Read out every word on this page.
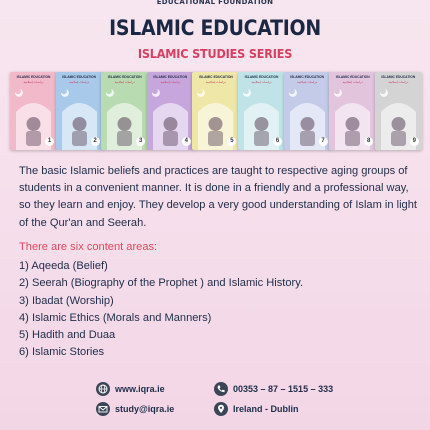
EDUCATIONAL FOUNDATION
ISLAMIC EDUCATION
ISLAMIC STUDIES SERIES
ISLAMIC EDUCATION
دراسات إسلامية
1
ISLAMIC EDUCATION
دراسات إسلامية
2
ISLAMIC EDUCATION
دراسات إسلامية
3
ISLAMIC EDUCATION
دراسات إسلامية
4
ISLAMIC EDUCATION
دراسات إسلامية
5
ISLAMIC EDUCATION
دراسات إسلامية
6
ISLAMIC EDUCATION
دراسات إسلامية
7
ISLAMIC EDUCATION
دراسات إسلامية
8
ISLAMIC EDUCATION
دراسات إسلامية
9
The basic Islamic beliefs and practices are taught to respective aging groups of students in a convenient manner. It is done in a friendly and a professional way, so they learn and enjoy. They develop a very good understanding of Islam in light of the Qur'an and Seerah.
There are six content areas:
1) Aqeeda (Belief)
2) Seerah (Biography of the Prophet ) and Islamic History.
3) Ibadat (Worship)
4) Islamic Ethics (Morals and Manners)
5) Hadith and Duaa
6) Islamic Stories
www.iqra.ie
study@iqra.ie
00353 – 87 – 1515 – 333
Ireland - Dublin
